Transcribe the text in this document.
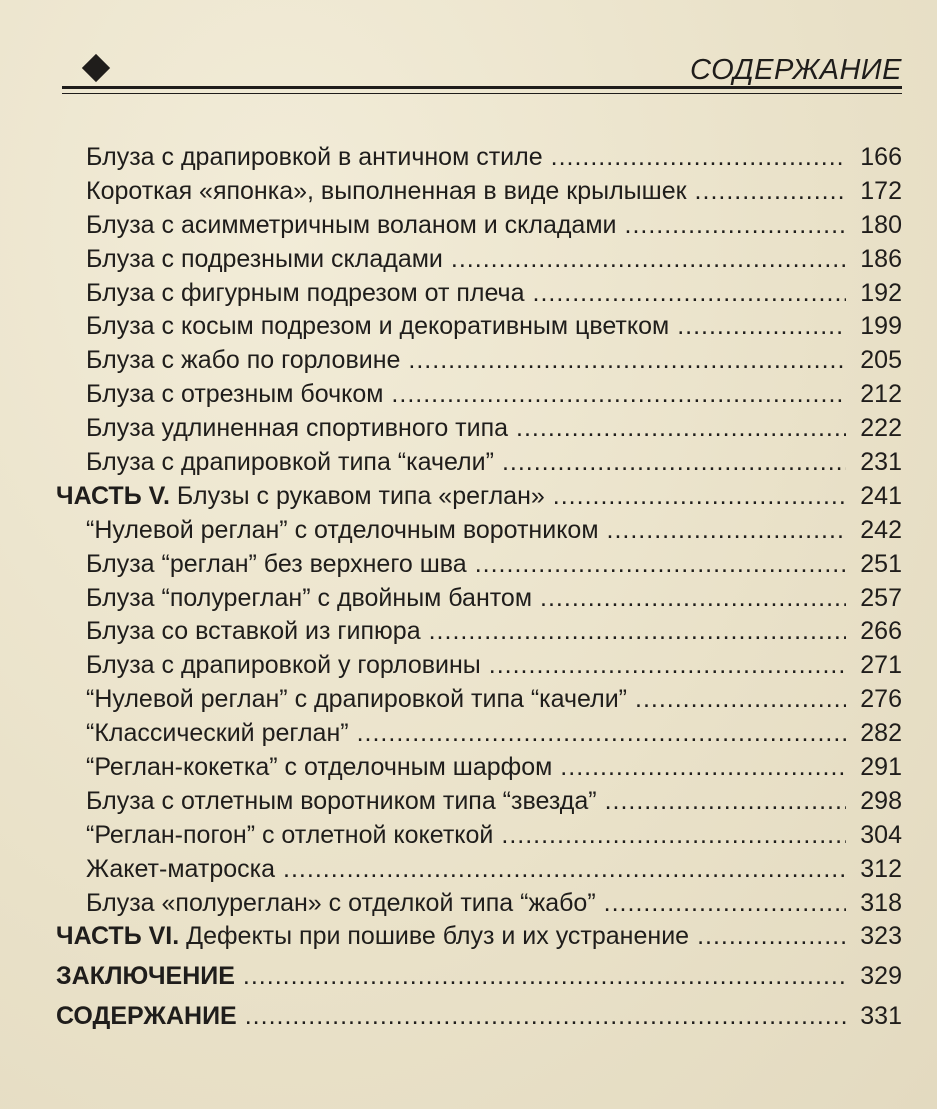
СОДЕРЖАНИЕ
Блуза с драпировкой в античном стиле .....	166
Короткая «японка», выполненная в виде крылышек .....	172
Блуза с асимметричным воланом и складами .....	180
Блуза с подрезными складами .....	186
Блуза с фигурным подрезом от плеча .....	192
Блуза с косым подрезом и декоративным цветком .....	199
Блуза с жабо по горловине .....	205
Блуза с отрезным бочком .....	212
Блуза удлиненная спортивного типа .....	222
Блуза с драпировкой типа “качели” .....	231
ЧАСТЬ V. Блузы с рукавом типа «реглан» .....	241
“Нулевой реглан” с отделочным воротником .....	242
Блуза “реглан” без верхнего шва .....	251
Блуза “полуреглан” с двойным бантом .....	257
Блуза со вставкой из гипюра .....	266
Блуза с драпировкой у горловины .....	271
“Нулевой реглан” с драпировкой типа “качели” .....	276
“Классический реглан” .....	282
“Реглан-кокетка” с отделочным шарфом .....	291
Блуза с отлетным воротником типа “звезда” .....	298
“Реглан-погон” с отлетной кокеткой .....	304
Жакет-матроска .....	312
Блуза «полуреглан» с отделкой типа “жабо” .....	318
ЧАСТЬ VI. Дефекты при пошиве блуз и их устранение .....	323
ЗАКЛЮЧЕНИЕ .....	329
СОДЕРЖАНИЕ .....	331
